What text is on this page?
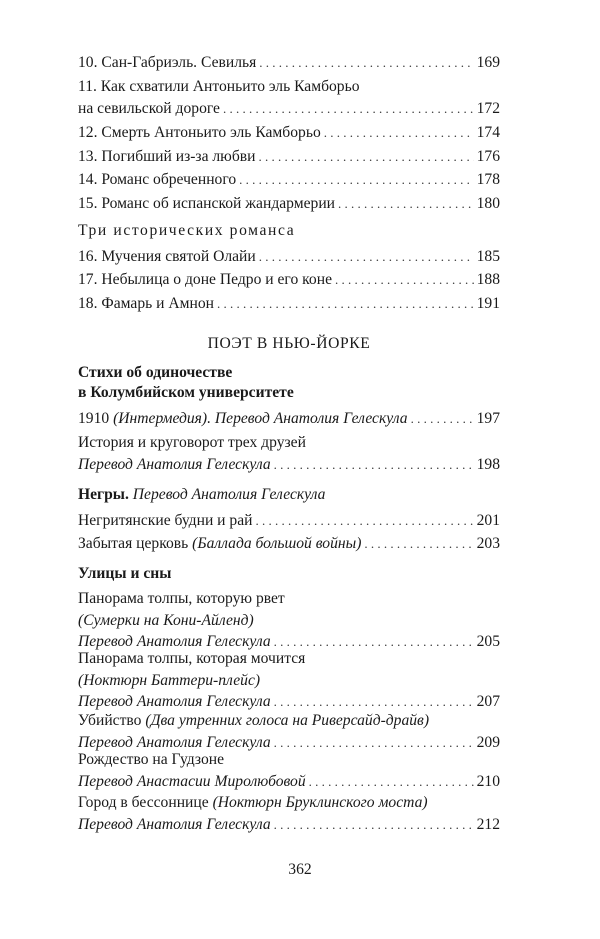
10. Сан-Габриэль. Севилья . . .	169
11. Как схватили Антоньито эль Камборьо
на севильской дороге . . .	172
12. Смерть Антоньито эль Камборьо . . .	174
13. Погибший из-за любви . . .	176
14. Романс обреченного . . .	178
15. Романс об испанской жандармерии . . .	180
Три исторических романса
16. Мучения святой Олайи . . .	185
17. Небылица о доне Педро и его коне . . .	188
18. Фамарь и Амнон . . .	191
ПОЭТ В НЬЮ-ЙОРКЕ
Стихи об одиночестве
в Колумбийском университете
1910 (Интермедия). Перевод Анатолия Гелескула . . .	197
История и круговорот трех друзей
Перевод Анатолия Гелескула . . .	198
Негры. Перевод Анатолия Гелескула
Негритянские будни и рай . . .	201
Забытая церковь (Баллада большой войны) . . .	203
Улицы и сны
Панорама толпы, которую рвет
(Сумерки на Кони-Айленд)
Перевод Анатолия Гелескула . . .	205
Панорама толпы, которая мочится
(Ноктюрн Баттери-плейс)
Перевод Анатолия Гелескула . . .	207
Убийство (Два утренних голоса на Риверсайд-драйв)
Перевод Анатолия Гелескула . . .	209
Рождество на Гудзоне
Перевод Анастасии Миролюбовой . . .	210
Город в бессоннице (Ноктюрн Бруклинского моста)
Перевод Анатолия Гелескула . . .	212
362
